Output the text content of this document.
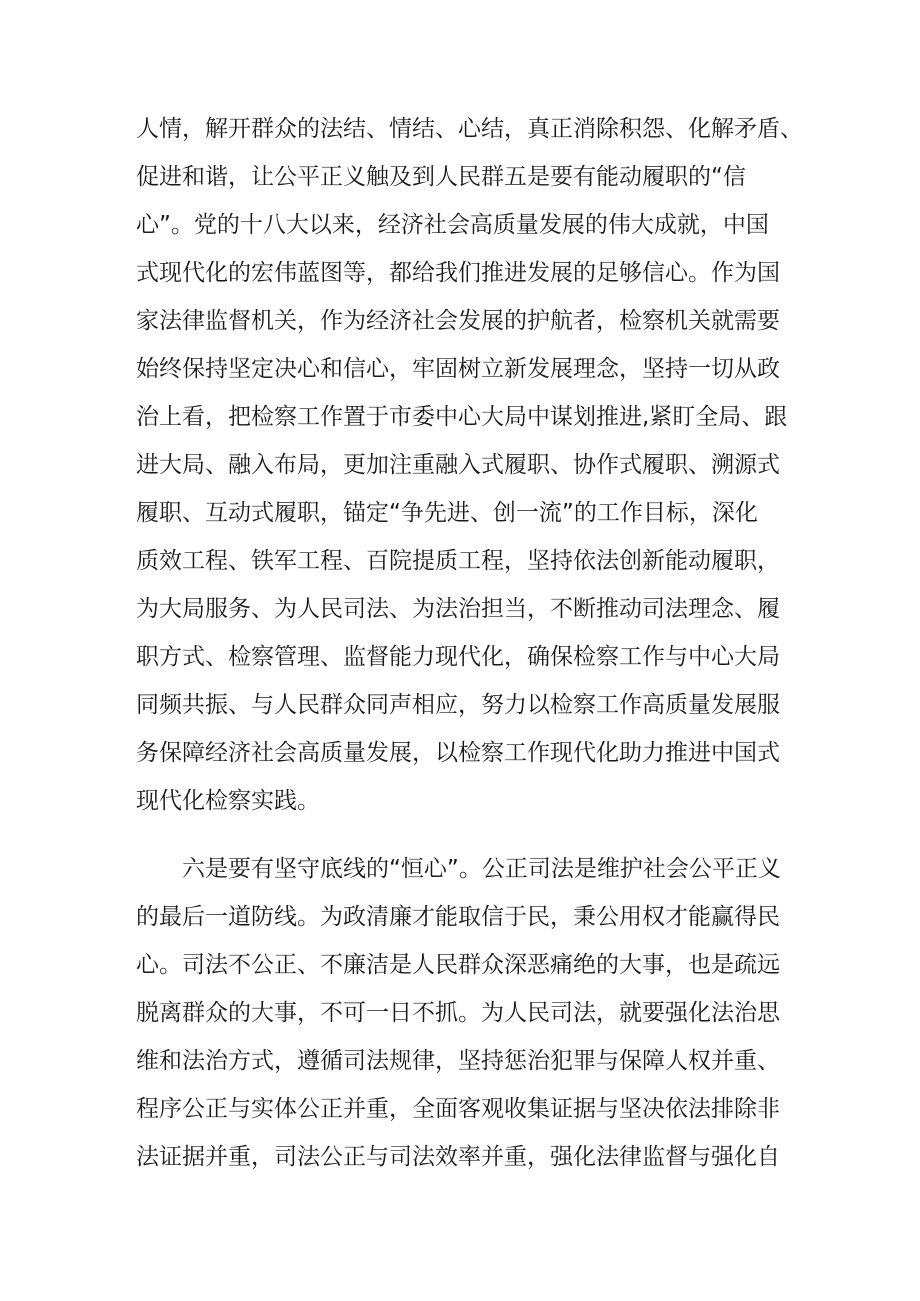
人情，解开群众的法结、情结、心结，真正消除积怨、化解矛盾、

促进和谐，让公平正义触及到人民群五是要有能动履职的“信

心”。党的十八大以来，经济社会高质量发展的伟大成就，中国

式现代化的宏伟蓝图等，都给我们推进发展的足够信心。作为国

家法律监督机关，作为经济社会发展的护航者，检察机关就需要

始终保持坚定决心和信心，牢固树立新发展理念，坚持一切从政

治上看，把检察工作置于市委中心大局中谋划推进,紧盯全局、跟

进大局、融入布局，更加注重融入式履职、协作式履职、溯源式

履职、互动式履职，锚定“争先进、创一流”的工作目标，深化

质效工程、铁军工程、百院提质工程，坚持依法创新能动履职，

为大局服务、为人民司法、为法治担当，不断推动司法理念、履

职方式、检察管理、监督能力现代化，确保检察工作与中心大局

同频共振、与人民群众同声相应，努力以检察工作高质量发展服

务保障经济社会高质量发展，以检察工作现代化助力推进中国式

现代化检察实践。

六是要有坚守底线的“恒心”。公正司法是维护社会公平正义

的最后一道防线。为政清廉才能取信于民，秉公用权才能赢得民

心。司法不公正、不廉洁是人民群众深恶痛绝的大事，也是疏远

脱离群众的大事，不可一日不抓。为人民司法，就要强化法治思

维和法治方式，遵循司法规律，坚持惩治犯罪与保障人权并重、

程序公正与实体公正并重，全面客观收集证据与坚决依法排除非

法证据并重，司法公正与司法效率并重，强化法律监督与强化自
